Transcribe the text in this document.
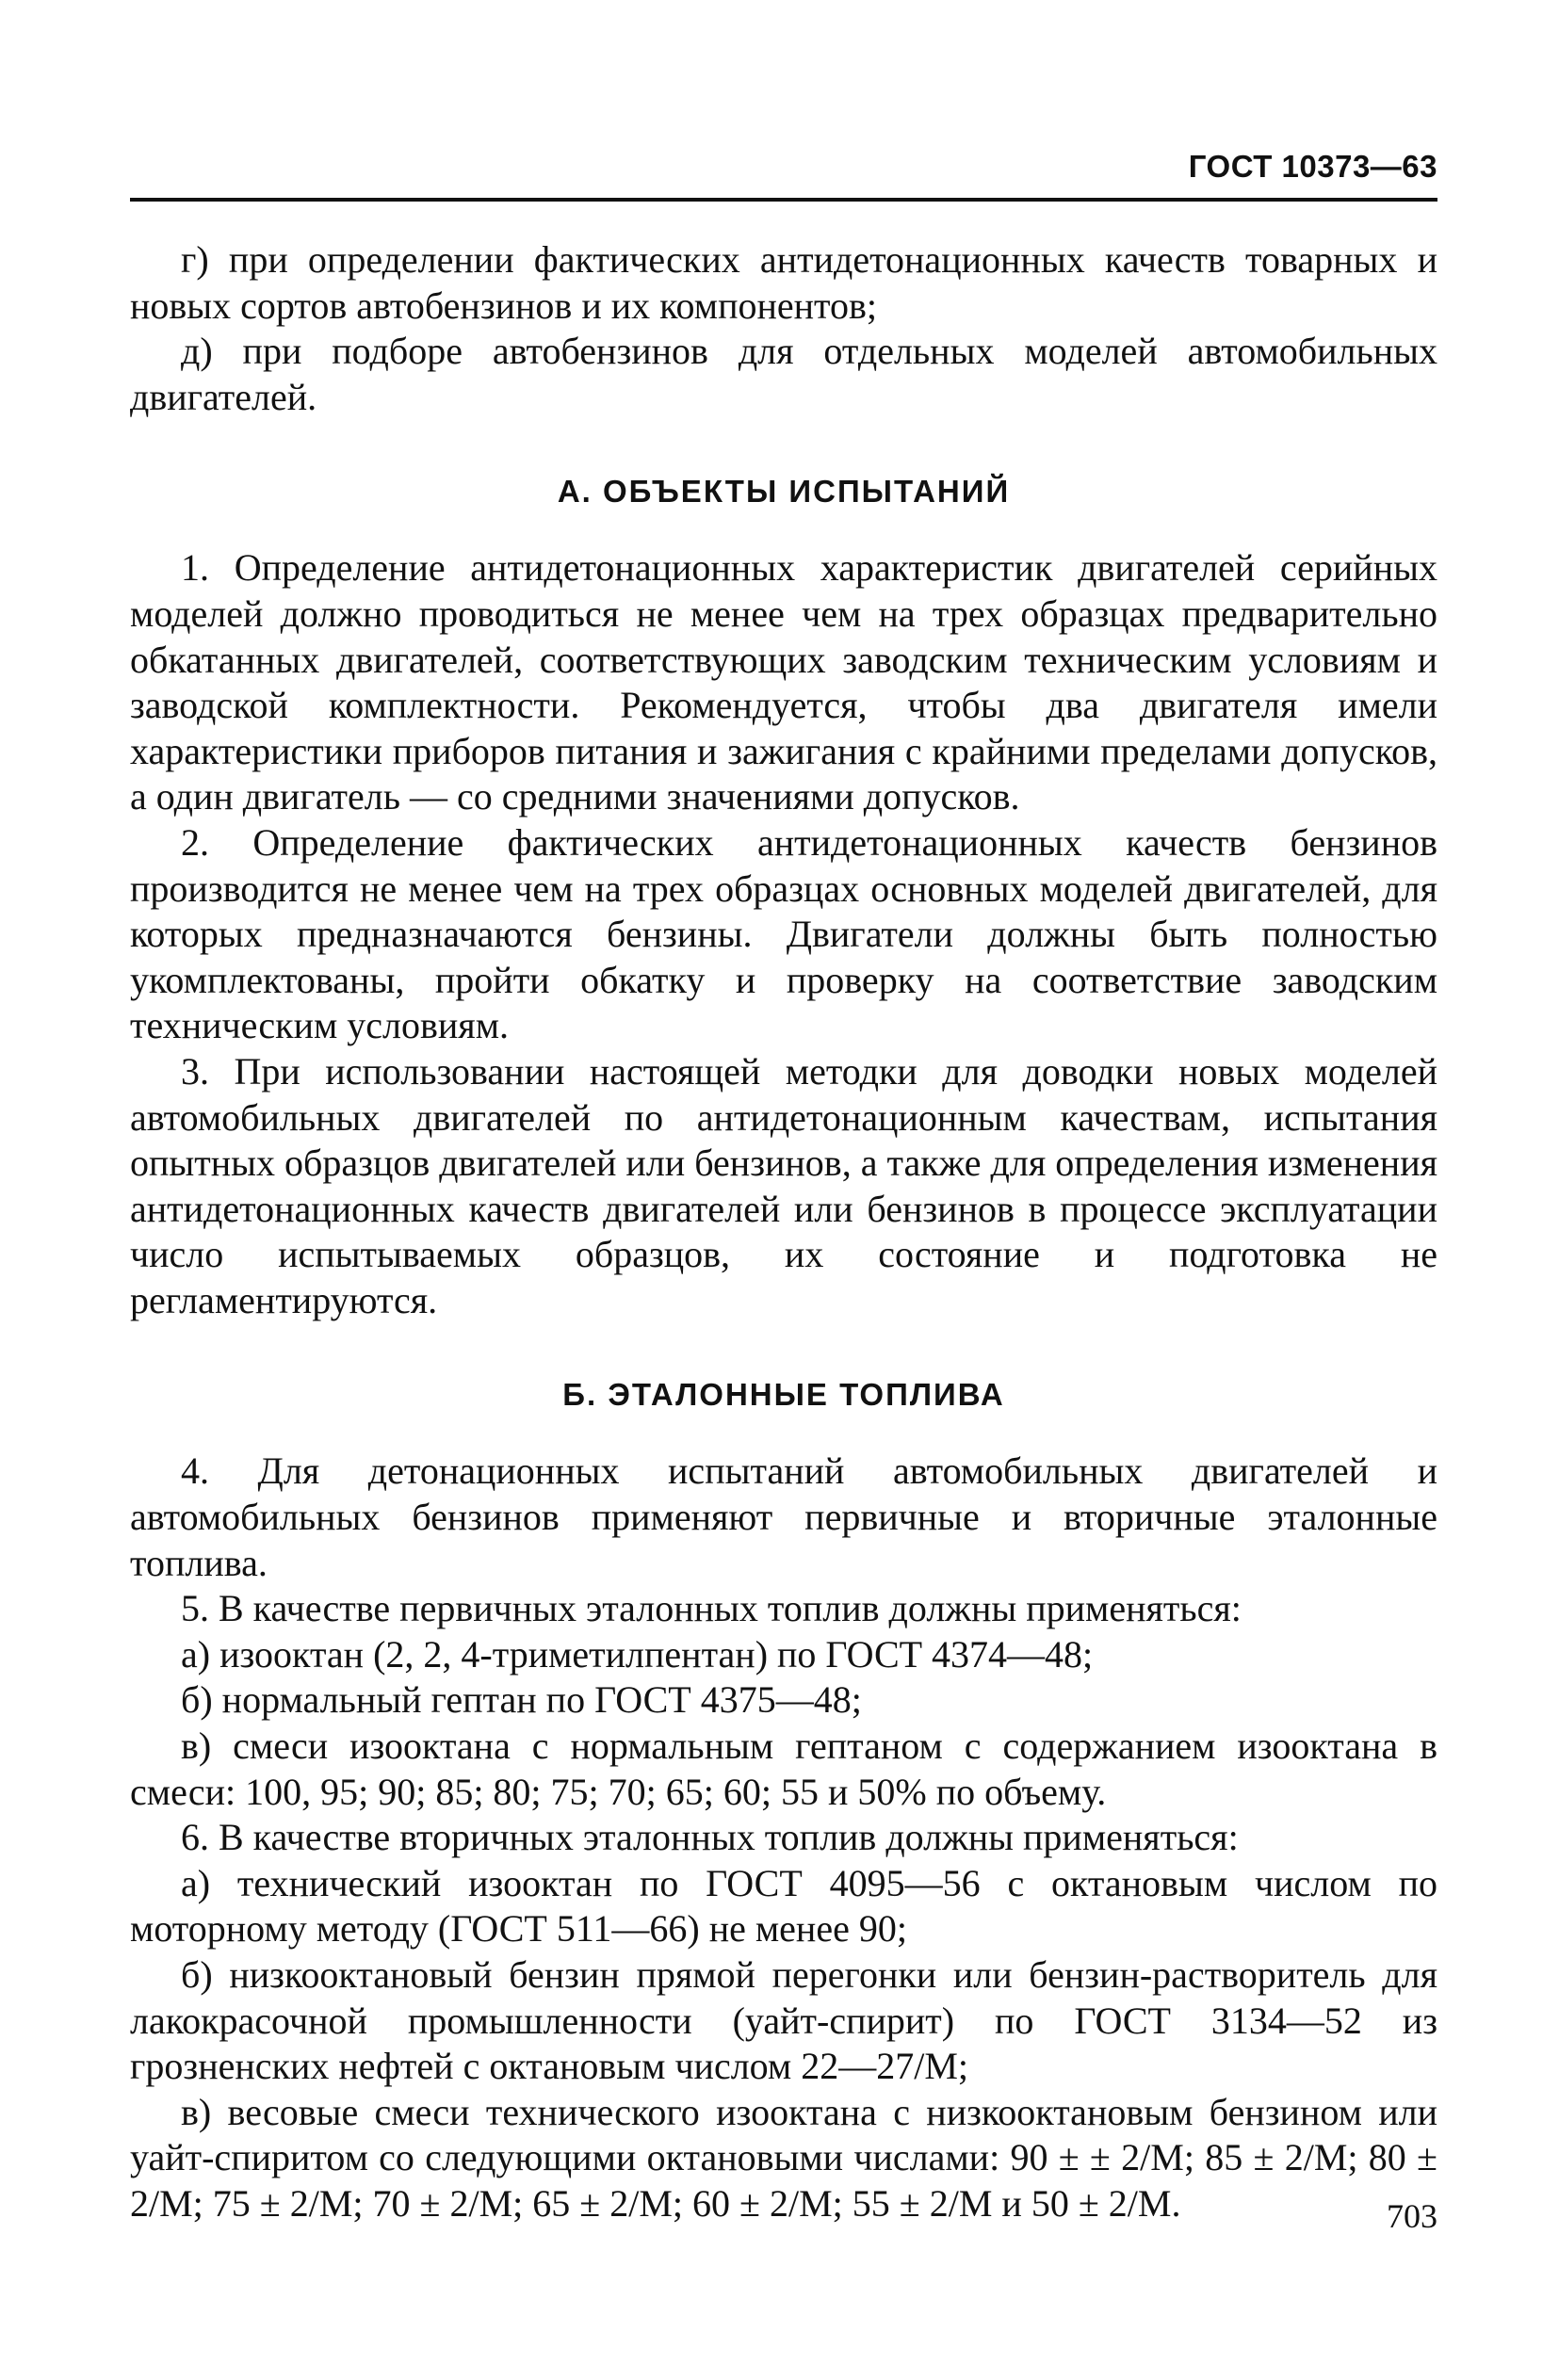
ГОСТ 10373—63

г) при определении фактических антидетонационных качеств товарных и новых сортов автобензинов и их компонентов;

д) при подборе автобензинов для отдельных моделей автомобильных двигателей.

А. ОБЪЕКТЫ ИСПЫТАНИЙ

1. Определение антидетонационных характеристик двигателей серийных моделей должно проводиться не менее чем на трех образцах предварительно обкатанных двигателей, соответствующих заводским техническим условиям и заводской комплектности. Рекомендуется, чтобы два двигателя имели характеристики приборов питания и зажигания с крайними пределами допусков, а один двигатель — со средними значениями допусков.

2. Определение фактических антидетонационных качеств бензинов производится не менее чем на трех образцах основных моделей двигателей, для которых предназначаются бензины. Двигатели должны быть полностью укомплектованы, пройти обкатку и проверку на соответствие заводским техническим условиям.

3. При использовании настоящей методки для доводки новых моделей автомобильных двигателей по антидетонационным качествам, испытания опытных образцов двигателей или бензинов, а также для определения изменения антидетонационных качеств двигателей или бензинов в процессе эксплуатации число испытываемых образцов, их состояние и подготовка не регламентируются.

Б. ЭТАЛОННЫЕ ТОПЛИВА

4. Для детонационных испытаний автомобильных двигателей и автомобильных бензинов применяют первичные и вторичные эталонные топлива.

5. В качестве первичных эталонных топлив должны применяться:

а) изооктан (2, 2, 4-триметилпентан) по ГОСТ 4374—48;

б) нормальный гептан по ГОСТ 4375—48;

в) смеси изооктана с нормальным гептаном с содержанием изооктана в смеси: 100, 95; 90; 85; 80; 75; 70; 65; 60; 55 и 50% по объему.

6. В качестве вторичных эталонных топлив должны применяться:

а) технический изооктан по ГОСТ 4095—56 с октановым числом по моторному методу (ГОСТ 511—66) не менее 90;

б) низкооктановый бензин прямой перегонки или бензин-растворитель для лакокрасочной промышленности (уайт-спирит) по ГОСТ 3134—52 из грозненских нефтей с октановым числом 22—27/М;

в) весовые смеси технического изооктана с низкооктановым бензином или уайт-спиритом со следующими октановыми числами: 90 ± ± 2/М; 85 ± 2/М; 80 ± 2/М; 75 ± 2/М; 70 ± 2/М; 65 ± 2/М; 60 ± 2/М; 55 ± 2/М и 50 ± 2/М.	703
